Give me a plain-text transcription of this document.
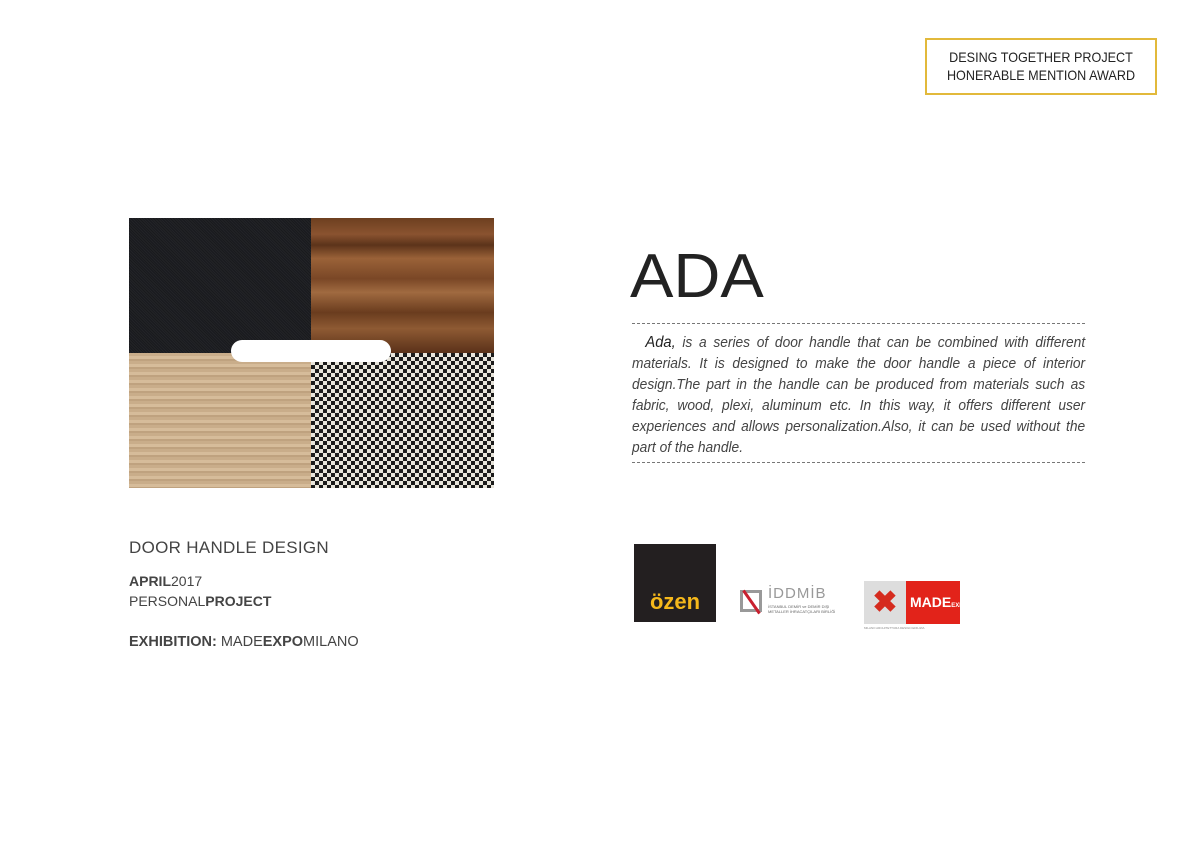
DESING TOGETHER PROJECT
HONERABLE MENTION AWARD
ADA
Ada, is a series of door handle that can be combined with different materials. It is designed to make the door handle a piece of interior design.The part in the handle can be produced from materials such as fabric, wood, plexi, aluminum etc. In this way, it offers different user experiences and allows personalization.Also, it can be used without the part of the handle.
DOOR HANDLE DESIGN
APRIL2017
PERSONALPROJECT
EXHIBITION: MADEEXPOMILANO
özen	İDDMİB
İSTANBUL DEMİR ve DEMİR DIŞI
METALLER İHRACATÇILARI BİRLİĞİ ✖ MADEEXPO
MILANO ARCHITETTURA DESIGN EDILIZIA
